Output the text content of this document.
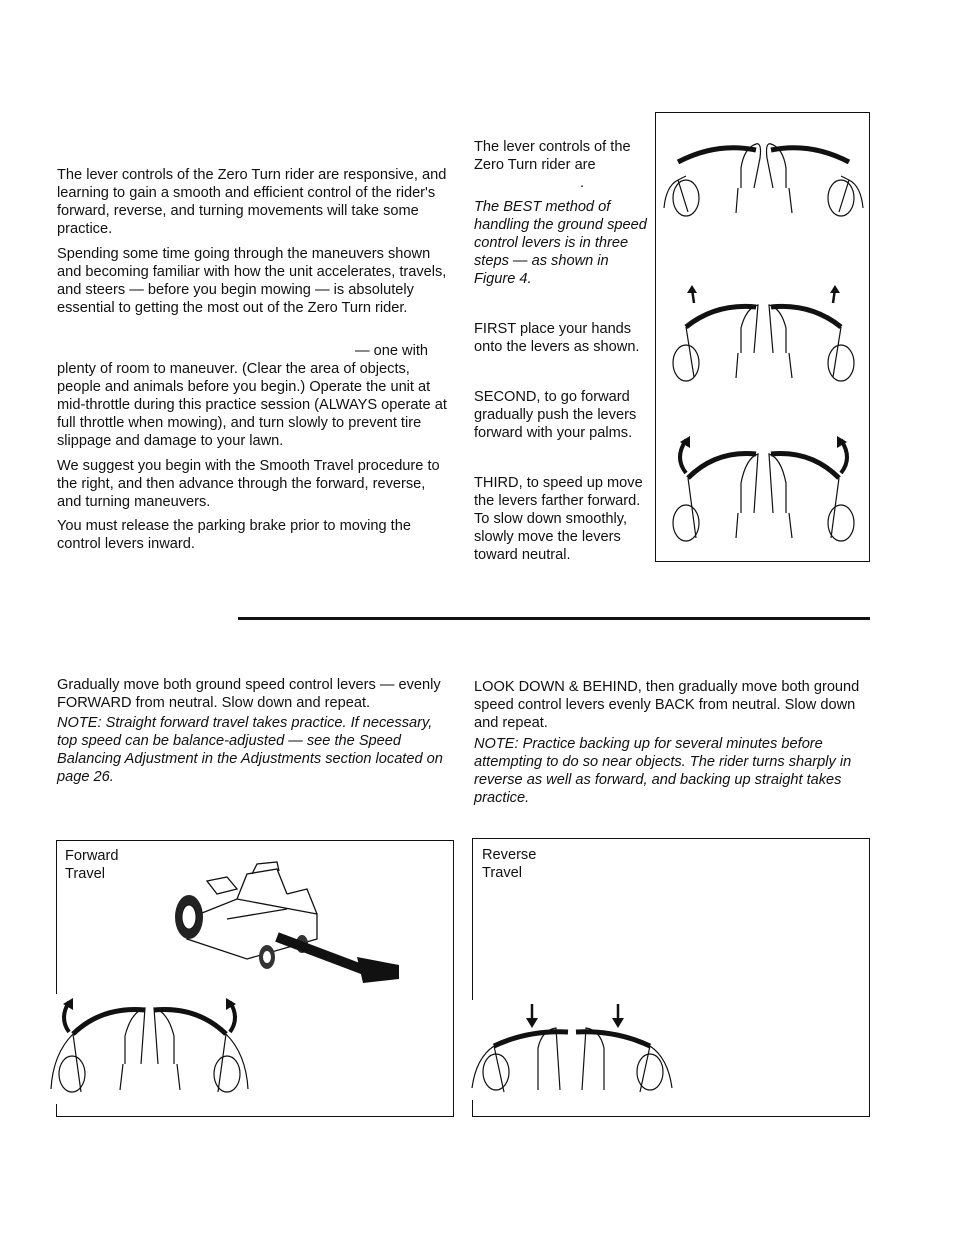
The lever controls of the Zero Turn rider are responsive, and learning to gain a smooth and efficient control of the rider's forward, reverse, and turning movements will take some practice.

Spending some time going through the maneuvers shown and becoming familiar with how the unit accelerates, travels, and steers — before you begin mowing — is absolutely essential to getting the most out of the Zero Turn rider.

— one with

plenty of room to maneuver. (Clear the area of objects, people and animals before you begin.) Operate the unit at mid-throttle during this practice session (ALWAYS operate at full throttle when mowing), and turn slowly to prevent tire slippage and damage to your lawn.

We suggest you begin with the Smooth Travel procedure to the right, and then advance through the forward, reverse, and turning maneuvers.

You must release the parking brake prior to moving the control levers inward.

The lever controls of the

Zero Turn rider are

.

The BEST method of handling the ground speed control levers is in three steps — as shown in Figure 4.

FIRST place your hands onto the levers as shown.

SECOND, to go forward gradually push the levers forward with your palms.

THIRD, to speed up move the levers farther forward. To slow down smoothly, slowly move the levers toward neutral.

Gradually move both ground speed control levers — evenly FORWARD from neutral. Slow down and repeat.

NOTE: Straight forward travel takes practice. If necessary, top speed can be balance-adjusted — see the Speed Balancing Adjustment in the Adjustments section located on page 26.

LOOK DOWN & BEHIND, then gradually move both ground speed control levers evenly BACK from neutral. Slow down and repeat.

NOTE: Practice backing up for several minutes before attempting to do so near objects. The rider turns sharply in reverse as well as forward, and backing up straight takes practice.

Forward
Travel
Reverse
Travel
